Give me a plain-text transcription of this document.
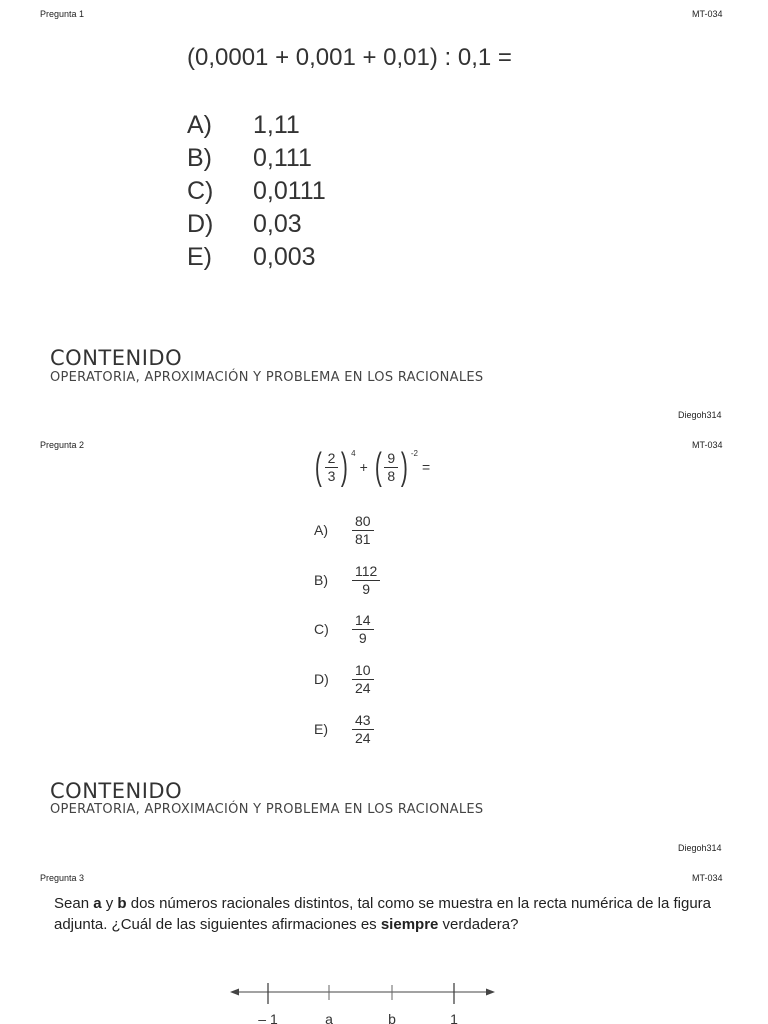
Pregunta 1	MT-034
(0,0001 + 0,001 + 0,01) : 0,1 =
A) 1,11
B) 0,111
C) 0,0111
D) 0,03
E) 0,003
CONTENIDO
OPERATORIA, APROXIMACIÓN Y PROBLEMA EN LOS RACIONALES
Diegoh314
Pregunta 2	MT-034
( $\frac{2}{3}$ ) 4
+ ( $\frac{9}{8}$ ) -2
=
A)	$\frac{80}{81}$
B)	$\frac{112}{9}$
C)	$\frac{14}{9}$
D)	$\frac{10}{24}$
E)	$\frac{43}{24}$
CONTENIDO
OPERATORIA, APROXIMACIÓN Y PROBLEMA EN LOS RACIONALES
Diegoh314
Pregunta 3	MT-034
Sean a y b dos números racionales distintos, tal como se muestra en la recta numérica de la figura adjunta. ¿Cuál de las siguientes afirmaciones es siempre verdadera?
– 1	a	b	1
